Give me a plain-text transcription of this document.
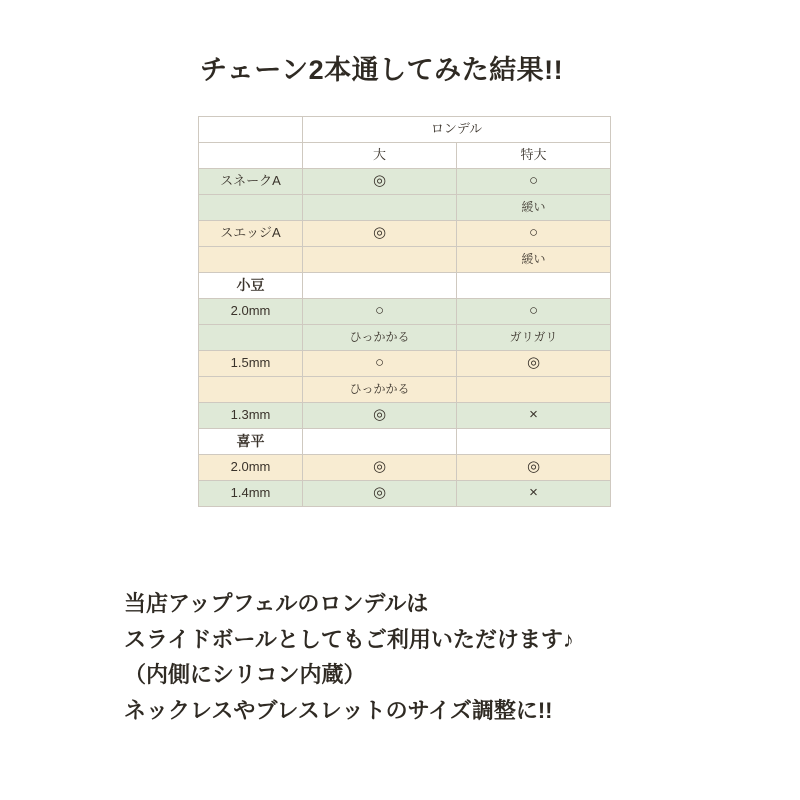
チェーン2本通してみた結果!!
	ロンデル	
	大	特大
スネークA	◎	○
		緩い
スエッジA	◎	○
		緩い
小豆		
2.0mm	○	○
	ひっかかる	ガリガリ
1.5mm	○	◎
	ひっかかる	
1.3mm	◎	×
喜平		
2.0mm	◎	◎
1.4mm	◎	×
当店アップフェルのロンデルは
スライドボールとしてもご利用いただけます♪
（内側にシリコン内蔵）
ネックレスやブレスレットのサイズ調整に!!
